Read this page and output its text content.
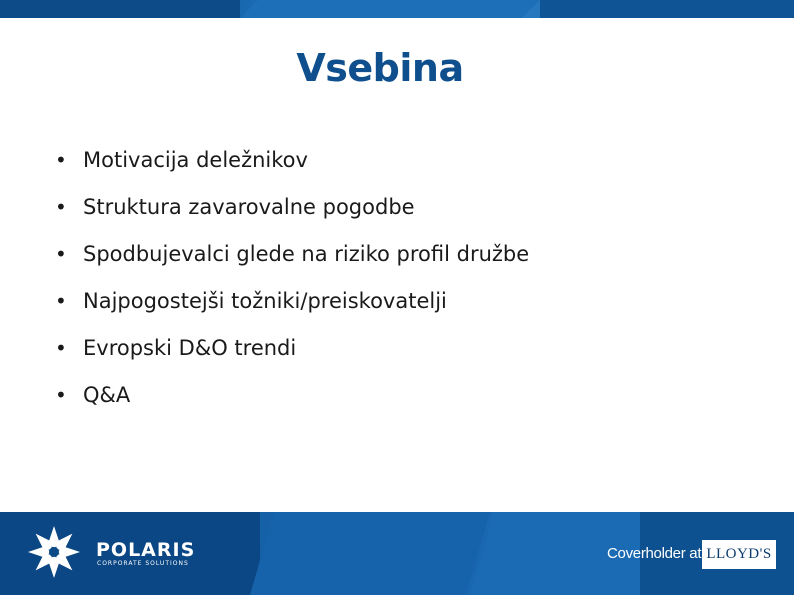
Vsebina
• Motivacija deležnikov
• Struktura zavarovalne pogodbe
• Spodbujevalci glede na riziko profil družbe
• Najpogostejši tožniki/preiskovatelji
• Evropski D&O trendi
• Q&A
POLARIS
CORPORATE SOLUTIONS
Coverholder at LLOYD'S
